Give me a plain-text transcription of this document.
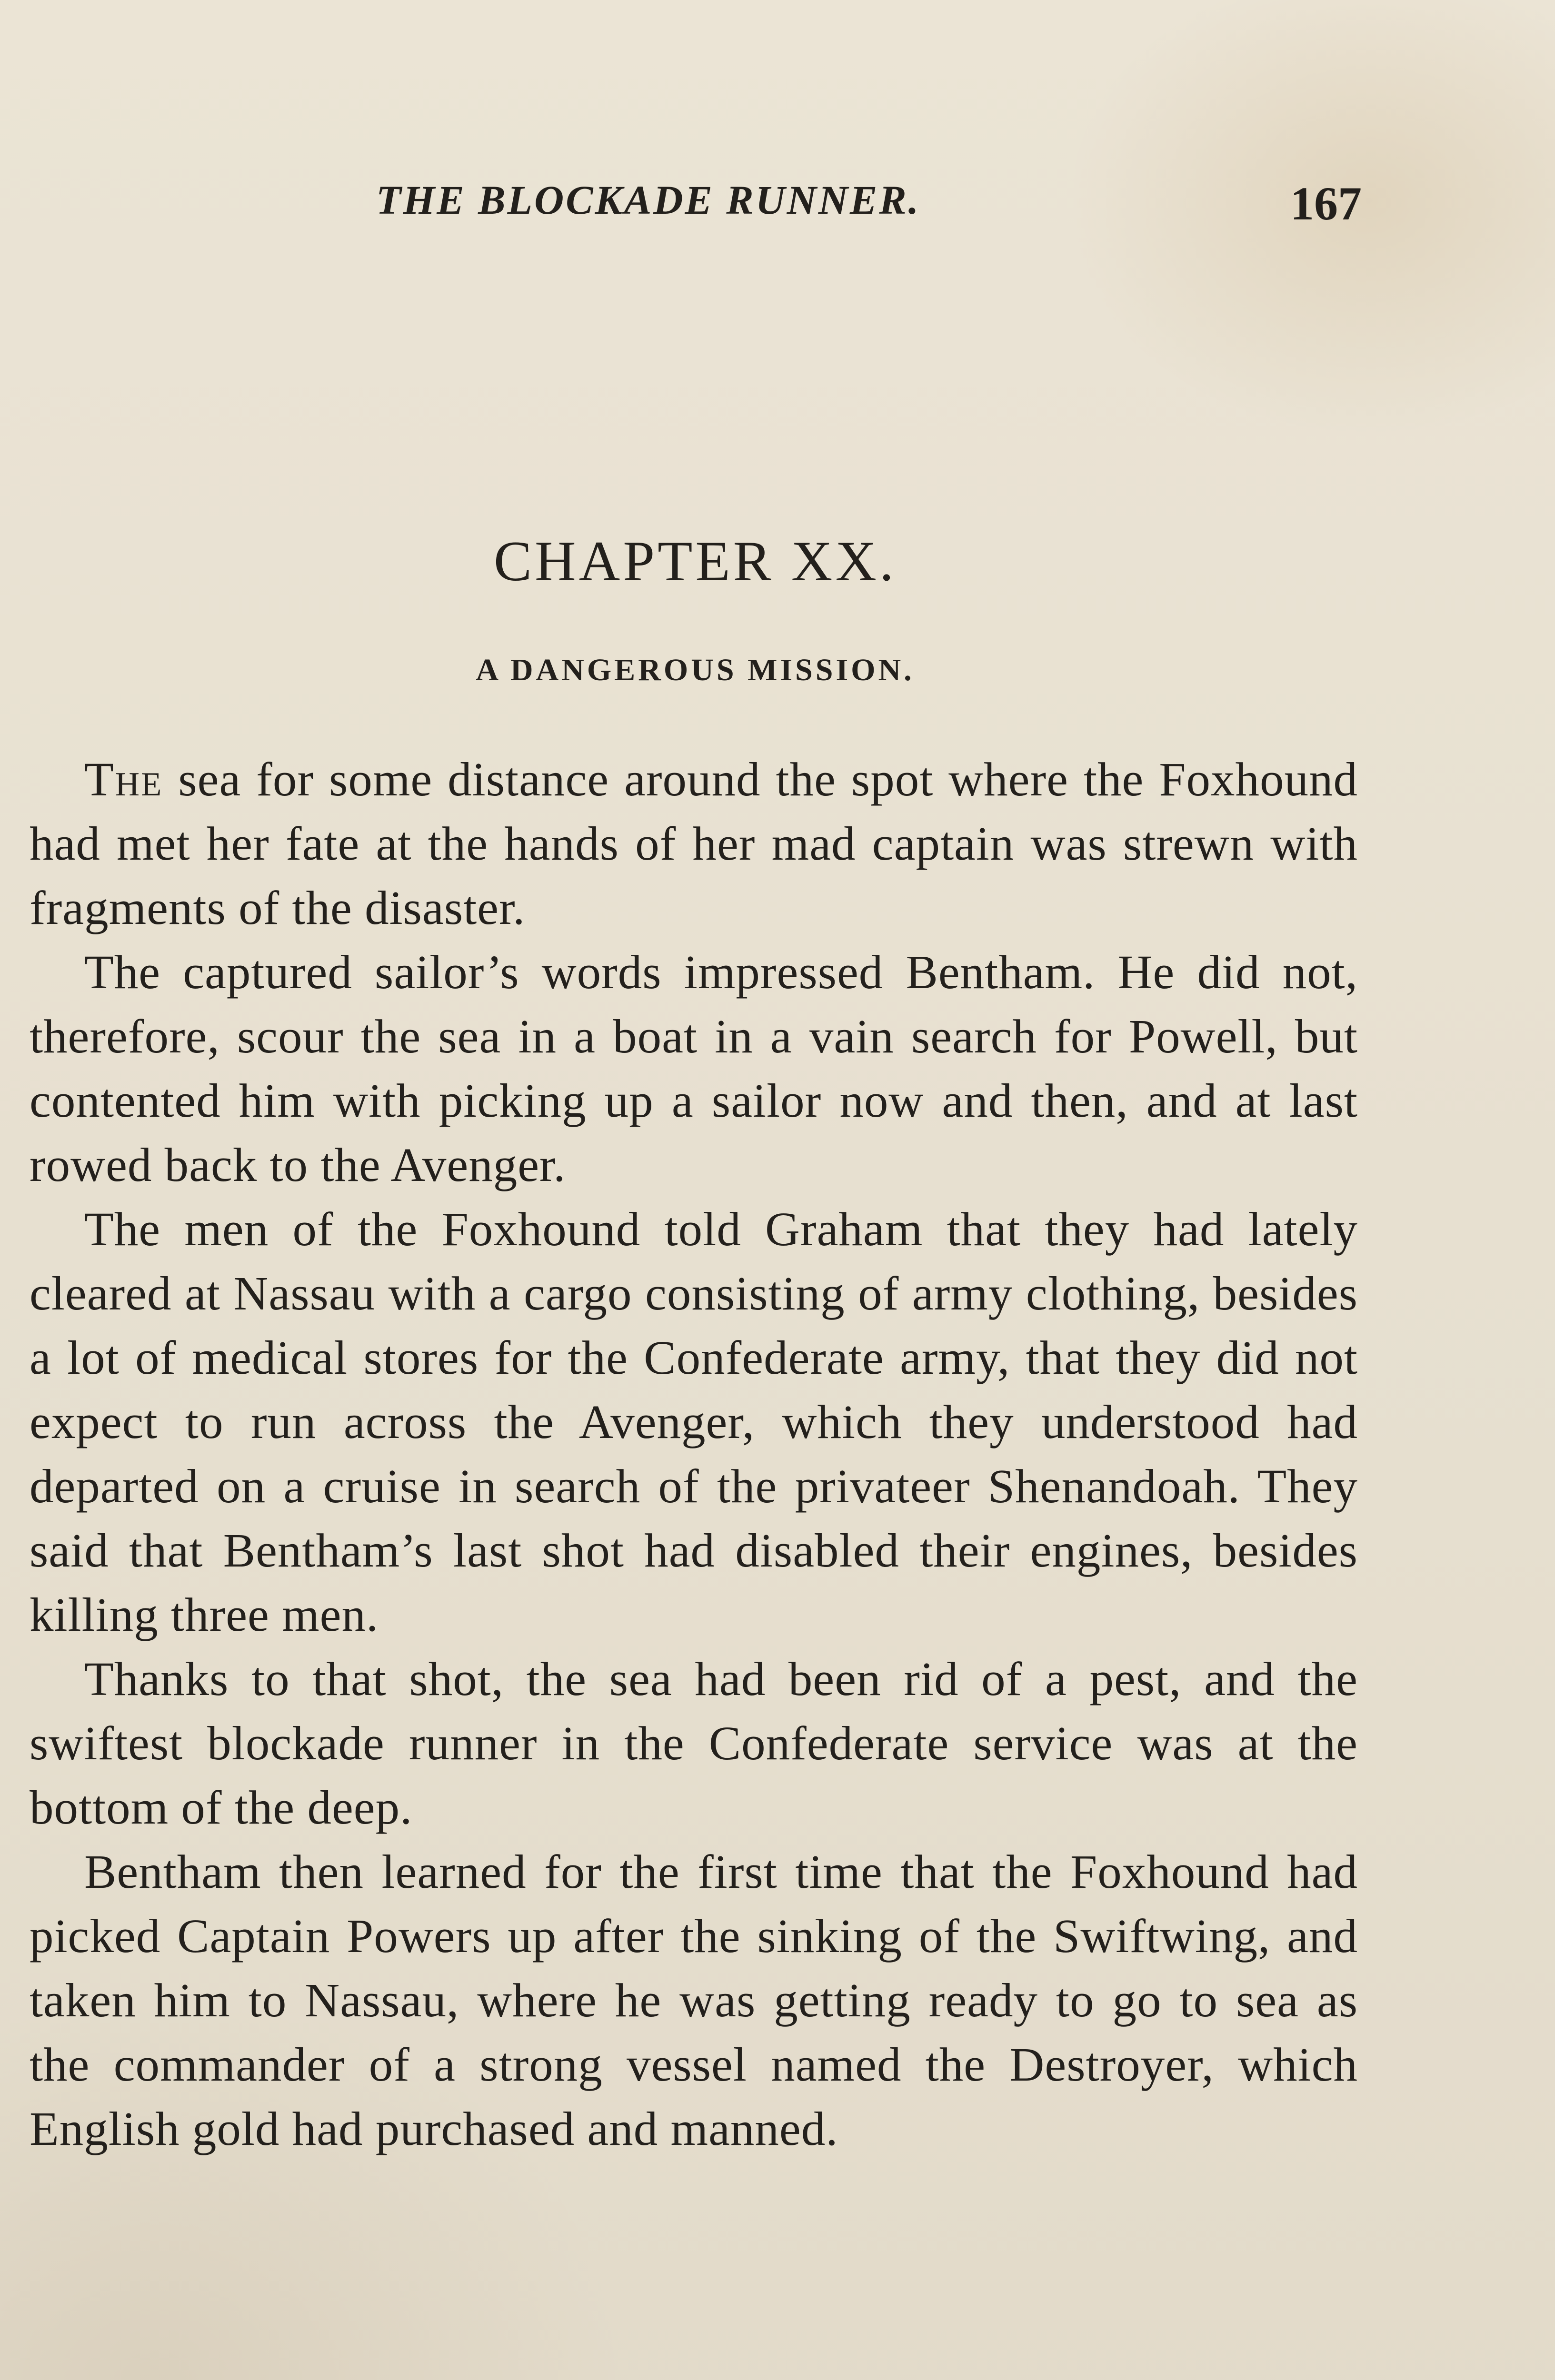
THE BLOCKADE RUNNER.	167
CHAPTER XX.
A DANGEROUS MISSION.

The sea for some distance around the spot where the Foxhound had met her fate at the hands of her mad captain was strewn with fragments of the disaster.

The captured sailor’s words impressed Bentham. He did not, therefore, scour the sea in a boat in a vain search for Powell, but contented him with picking up a sailor now and then, and at last rowed back to the Avenger.

The men of the Foxhound told Graham that they had lately cleared at Nassau with a cargo consisting of army clothing, besides a lot of medical stores for the Confederate army, that they did not expect to run across the Avenger, which they understood had departed on a cruise in search of the privateer Shenandoah. They said that Bentham’s last shot had disabled their engines, besides killing three men.

Thanks to that shot, the sea had been rid of a pest, and the swiftest blockade runner in the Confederate service was at the bottom of the deep.

Bentham then learned for the first time that the Foxhound had picked Captain Powers up after the sinking of the Swiftwing, and taken him to Nassau, where he was getting ready to go to sea as the commander of a strong vessel named the Destroyer, which English gold had purchased and manned.
